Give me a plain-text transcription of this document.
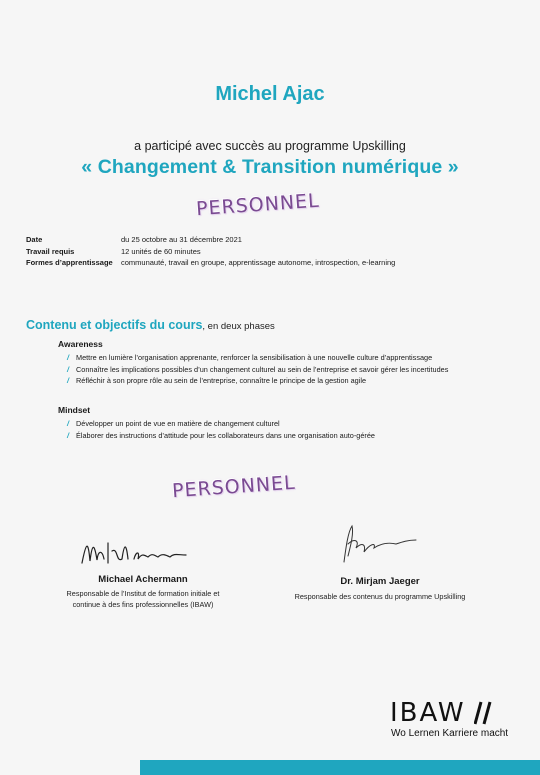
Michel Ajac
a participé avec succès au programme Upskilling
« Changement & Transition numérique »
PERSONNEL
Date	du 25 octobre au 31 décembre 2021
Travail requis	12 unités de 60 minutes
Formes d’apprentissage communauté, travail en groupe, apprentissage autonome, introspection, e-learning
Contenu et objectifs du cours, en deux phases
Awareness
/ Mettre en lumière l’organisation apprenante, renforcer la sensibilisation à une nouvelle culture d’apprentissage
/ Connaître les implications possibles d’un changement culturel au sein de l’entreprise et savoir gérer les incertitudes
/ Réfléchir à son propre rôle au sein de l’entreprise, connaître le principe de la gestion agile
Mindset
/ Développer un point de vue en matière de changement culturel
/ Élaborer des instructions d’attitude pour les collaborateurs dans une organisation auto-gérée
PERSONNEL
Michael Achermann
Responsable de l’Institut de formation initiale et
continue à des fins professionnelles (IBAW)
Dr. Mirjam Jaeger
Responsable des contenus du programme Upskilling
IBAW
Wo Lernen Karriere macht
